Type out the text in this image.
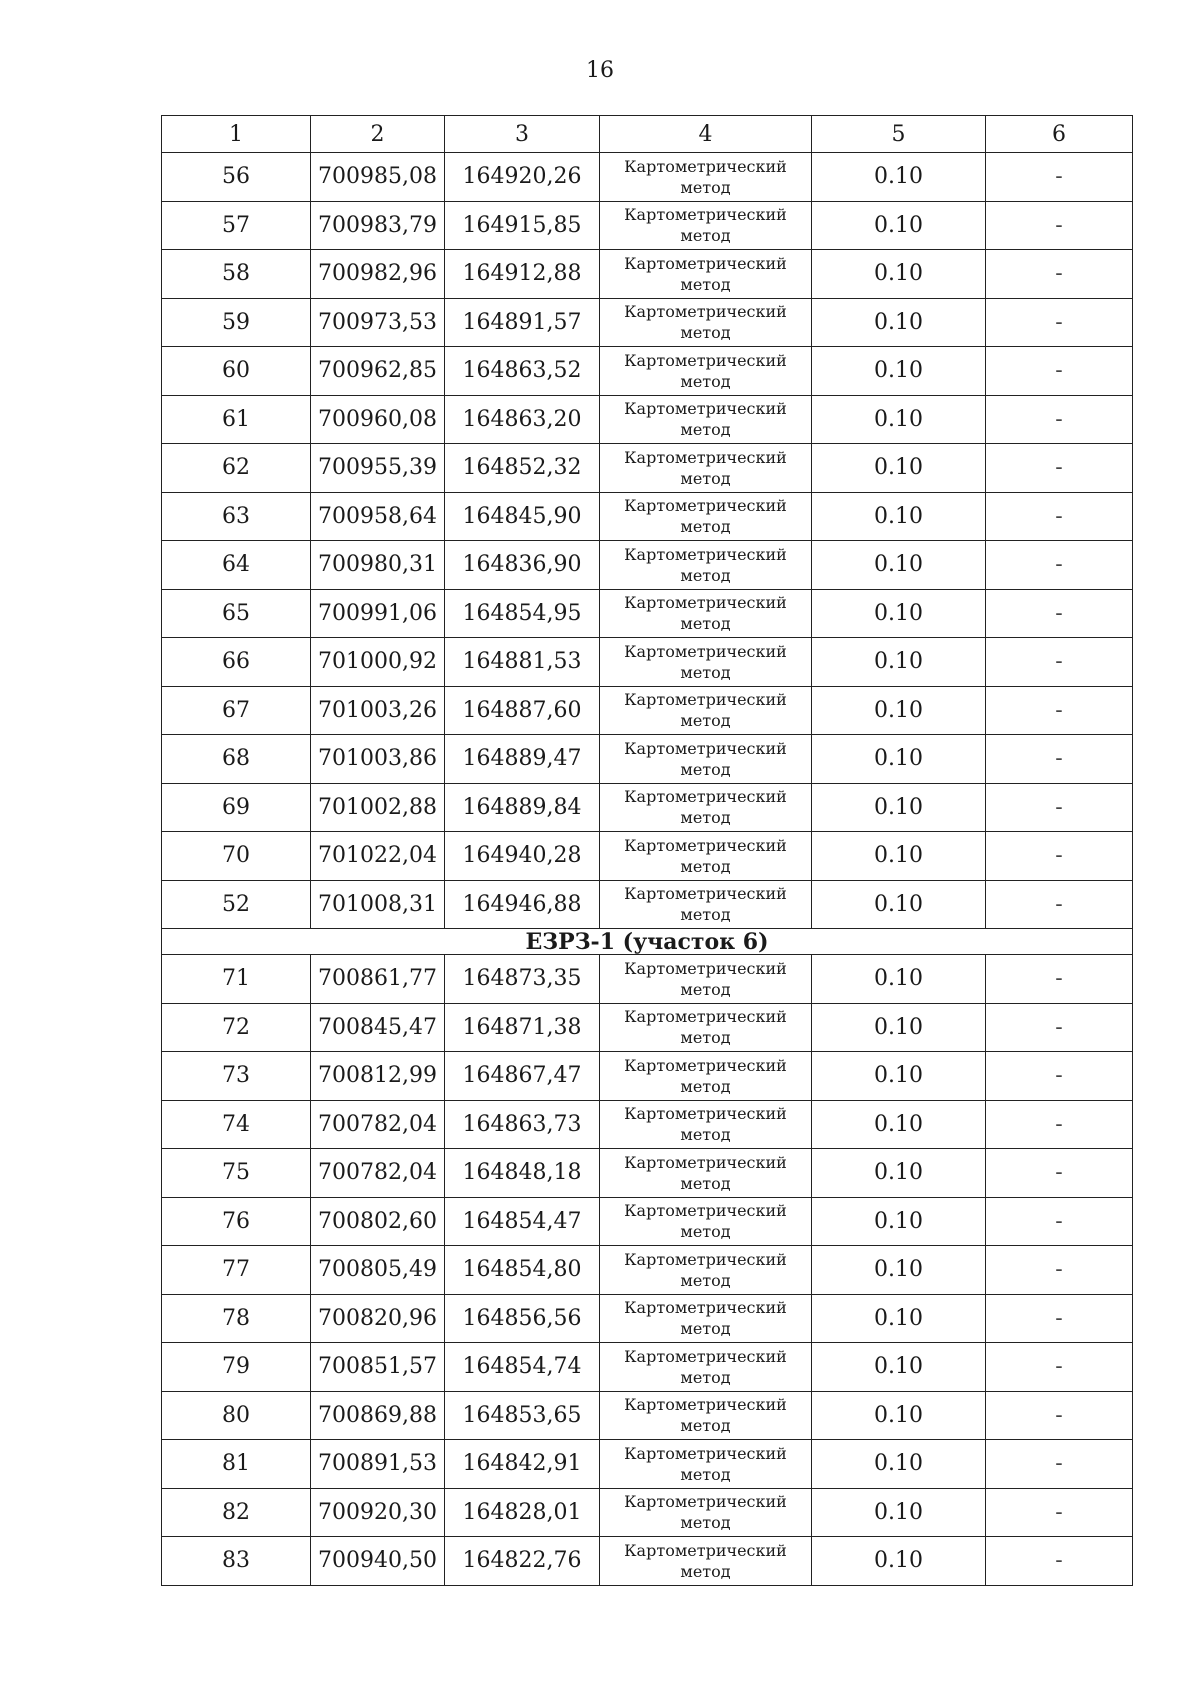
16
1	2	3	4	5	6
56	700985,08	164920,26	Картометрический метод	0.10	-
57	700983,79	164915,85	Картометрический метод	0.10	-
58	700982,96	164912,88	Картометрический метод	0.10	-
59	700973,53	164891,57	Картометрический метод	0.10	-
60	700962,85	164863,52	Картометрический метод	0.10	-
61	700960,08	164863,20	Картометрический метод	0.10	-
62	700955,39	164852,32	Картометрический метод	0.10	-
63	700958,64	164845,90	Картометрический метод	0.10	-
64	700980,31	164836,90	Картометрический метод	0.10	-
65	700991,06	164854,95	Картометрический метод	0.10	-
66	701000,92	164881,53	Картометрический метод	0.10	-
67	701003,26	164887,60	Картометрический метод	0.10	-
68	701003,86	164889,47	Картометрический метод	0.10	-
69	701002,88	164889,84	Картометрический метод	0.10	-
70	701022,04	164940,28	Картометрический метод	0.10	-
52	701008,31	164946,88	Картометрический метод	0.10	-
ЕЗРЗ-1 (участок 6)					
71	700861,77	164873,35	Картометрический метод	0.10	-
72	700845,47	164871,38	Картометрический метод	0.10	-
73	700812,99	164867,47	Картометрический метод	0.10	-
74	700782,04	164863,73	Картометрический метод	0.10	-
75	700782,04	164848,18	Картометрический метод	0.10	-
76	700802,60	164854,47	Картометрический метод	0.10	-
77	700805,49	164854,80	Картометрический метод	0.10	-
78	700820,96	164856,56	Картометрический метод	0.10	-
79	700851,57	164854,74	Картометрический метод	0.10	-
80	700869,88	164853,65	Картометрический метод	0.10	-
81	700891,53	164842,91	Картометрический метод	0.10	-
82	700920,30	164828,01	Картометрический метод	0.10	-
83	700940,50	164822,76	Картометрический метод	0.10	-
